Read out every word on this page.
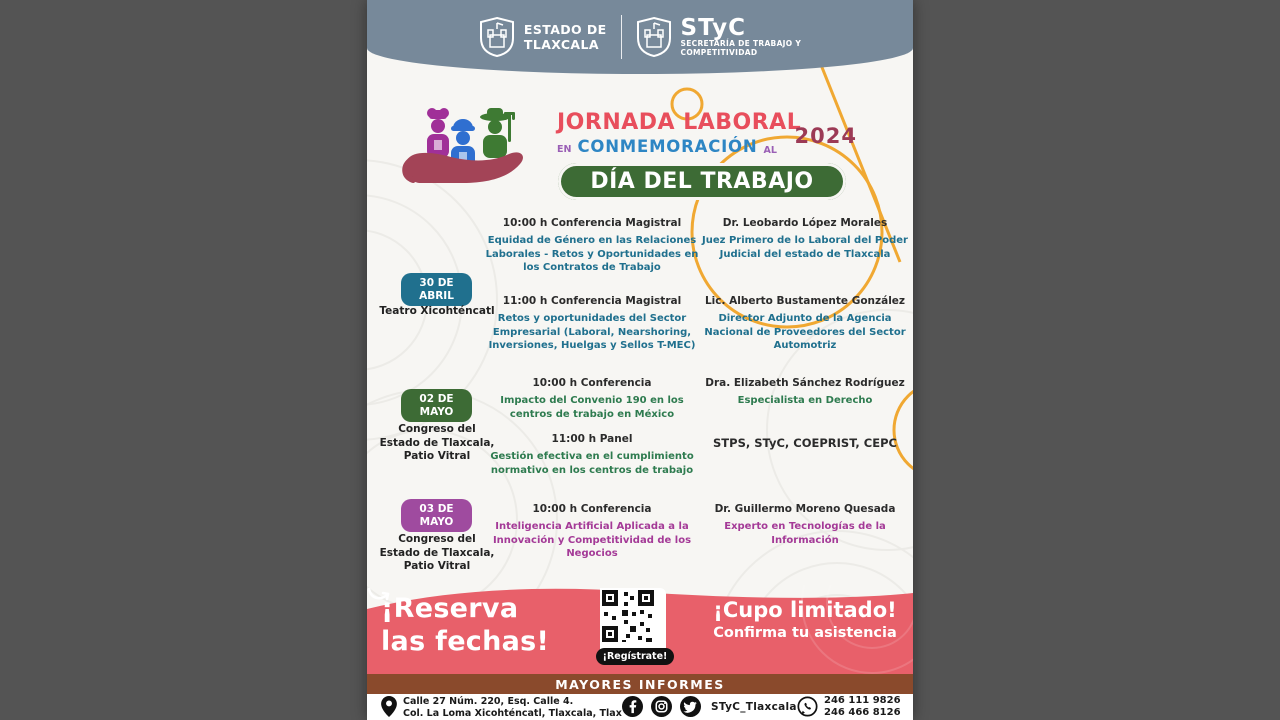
ESTADO DE
TLAXCALA
STyC
SECRETARÍA DE TRABAJO Y
COMPETITIVIDAD
JORNADA LABORAL
EN CONMEMORACIÓN AL
2024
DÍA DEL TRABAJO
30 DE
ABRIL
Teatro Xicohténcatl
10:00 h Conferencia Magistral
Equidad de Género en las Relaciones Laborales - Retos y Oportunidades en los Contratos de Trabajo
Dr. Leobardo López Morales
Juez Primero de lo Laboral del Poder Judicial del estado de Tlaxcala
11:00 h Conferencia Magistral
Retos y oportunidades del Sector Empresarial (Laboral, Nearshoring, Inversiones, Huelgas y Sellos T-MEC)
Lic. Alberto Bustamente González
Director Adjunto de la Agencia Nacional de Proveedores del Sector Automotriz
02 DE
MAYO
Congreso del
Estado de Tlaxcala,
Patio Vitral
10:00 h Conferencia
Impacto del Convenio 190 en los centros de trabajo en México
Dra. Elizabeth Sánchez Rodríguez
Especialista en Derecho
11:00 h Panel
Gestión efectiva en el cumplimiento normativo en los centros de trabajo
STPS, STyC, COEPRIST, CEPC
03 DE
MAYO
Congreso del
Estado de Tlaxcala,
Patio Vitral
10:00 h Conferencia
Inteligencia Artificial Aplicada a la Innovación y Competitividad de los Negocios
Dr. Guillermo Moreno Quesada
Experto en Tecnologías de la Información
¡Reserva
las fechas!	¡Regístrate!
¡Cupo limitado!
Confirma tu asistencia
MAYORES INFORMES
Calle 27 Núm. 220, Esq. Calle 4.
Col. La Loma Xicohténcatl, Tlaxcala, Tlax	STyC_Tlaxcala
246 111 9826
246 466 8126
